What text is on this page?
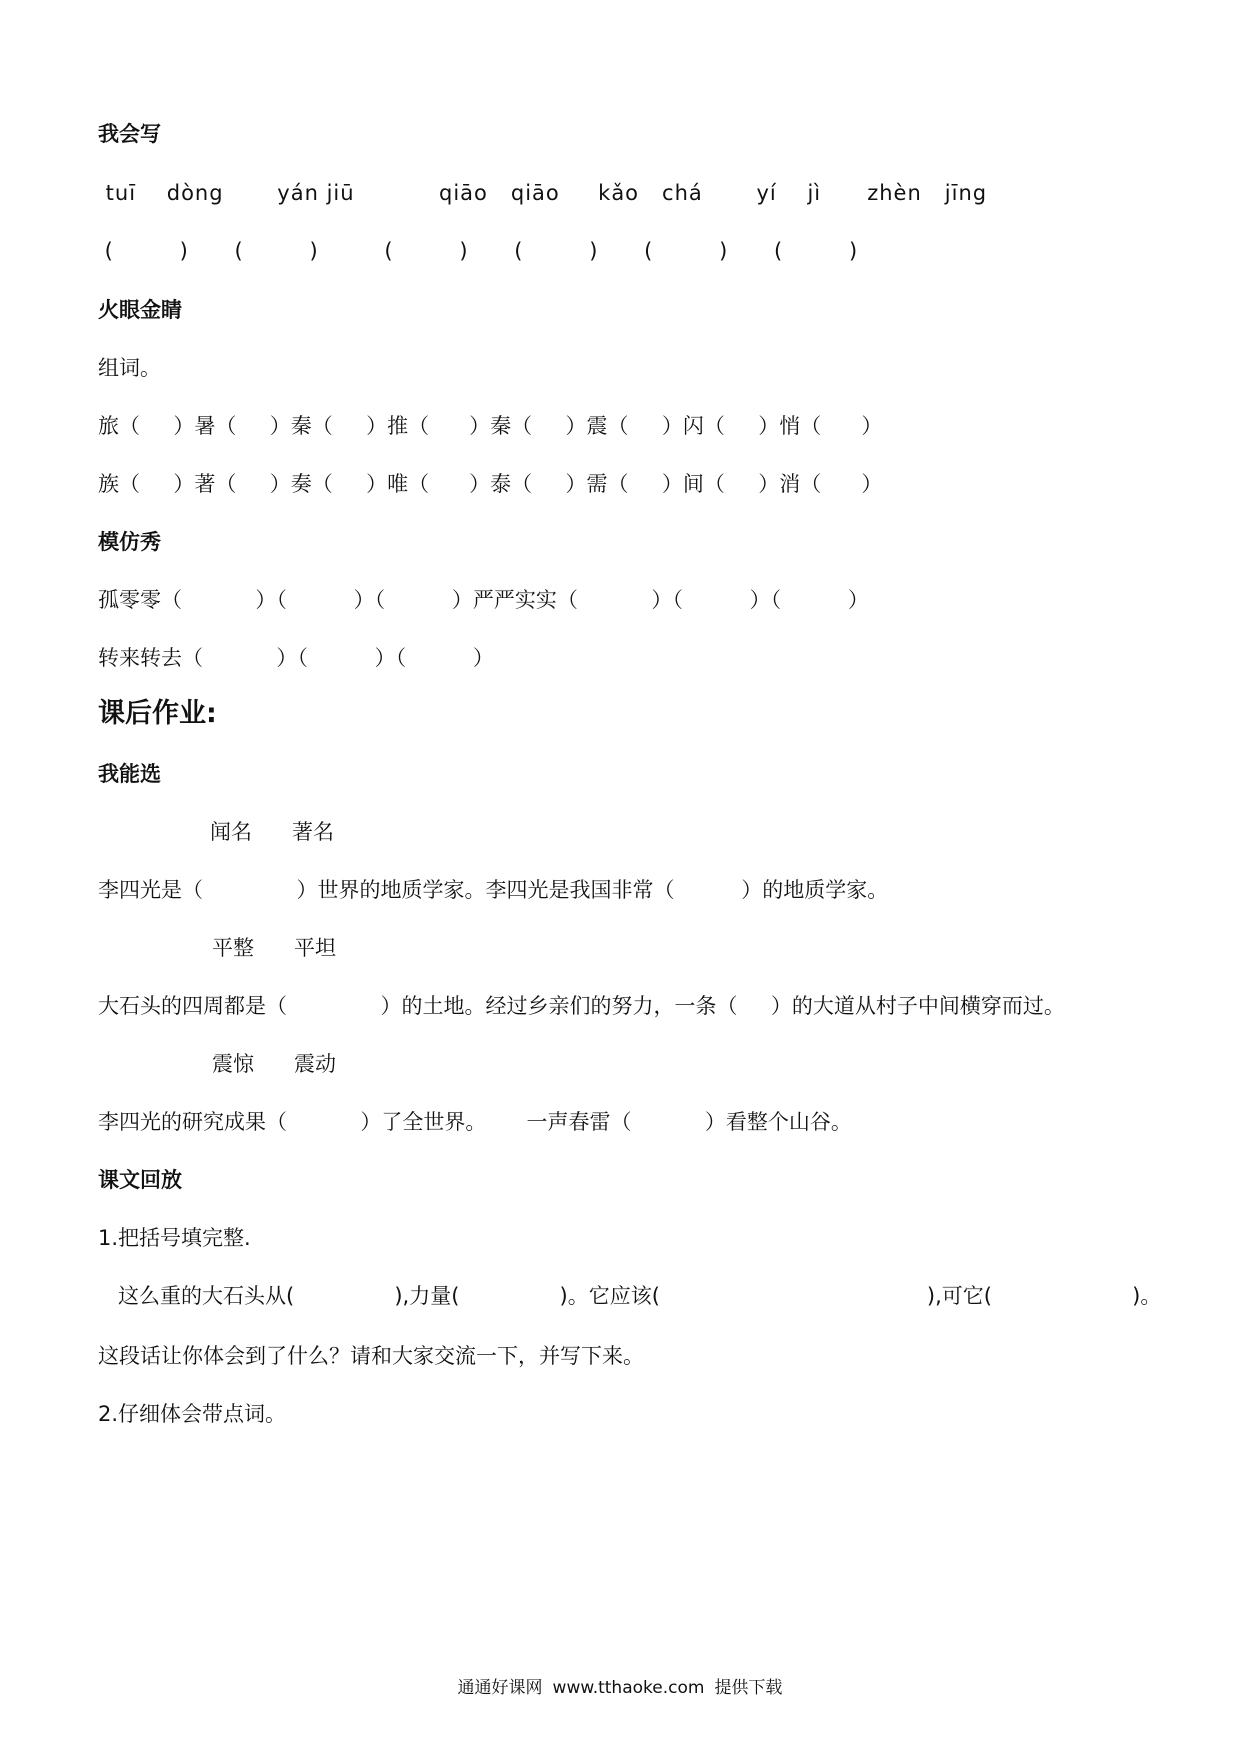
我会写
tuī    dòng       yán jiū           qiāo   qiāo     kǎo   chá       yí    jì      zhèn   jīng
(          )       (          )          (          )       (          )       (          )       (          )
火眼金睛
组词。
旅（     ）暑（     ）秦（     ）推（      ）秦（     ）震（     ）闪（     ）悄（      ）
族（     ）著（     ）奏（     ）唯（      ）泰（     ）需（     ）间（     ）消（      ）
模仿秀
孤零零（           ）（          ）（          ）严严实实（           ）（          ）（          ）
转来转去（           ）（          ）（          ）
课后作业:
我能选
闻名      著名
李四光是（              ）世界的地质学家。李四光是我国非常（          ）的地质学家。
平整      平坦
大石头的四周都是（              ）的土地。经过乡亲们的努力，一条（     ）的大道从村子中间横穿而过。
震惊      震动
李四光的研究成果（           ）了全世界。      一声春雷（           ）看整个山谷。
课文回放
1.把括号填完整.
这么重的大石头从(               ),力量(               )。它应该(                                        ),可它(                     )。
这段话让你体会到了什么？请和大家交流一下，并写下来。
2.仔细体会带点词。
通通好课网 www.tthaoke.com 提供下载
